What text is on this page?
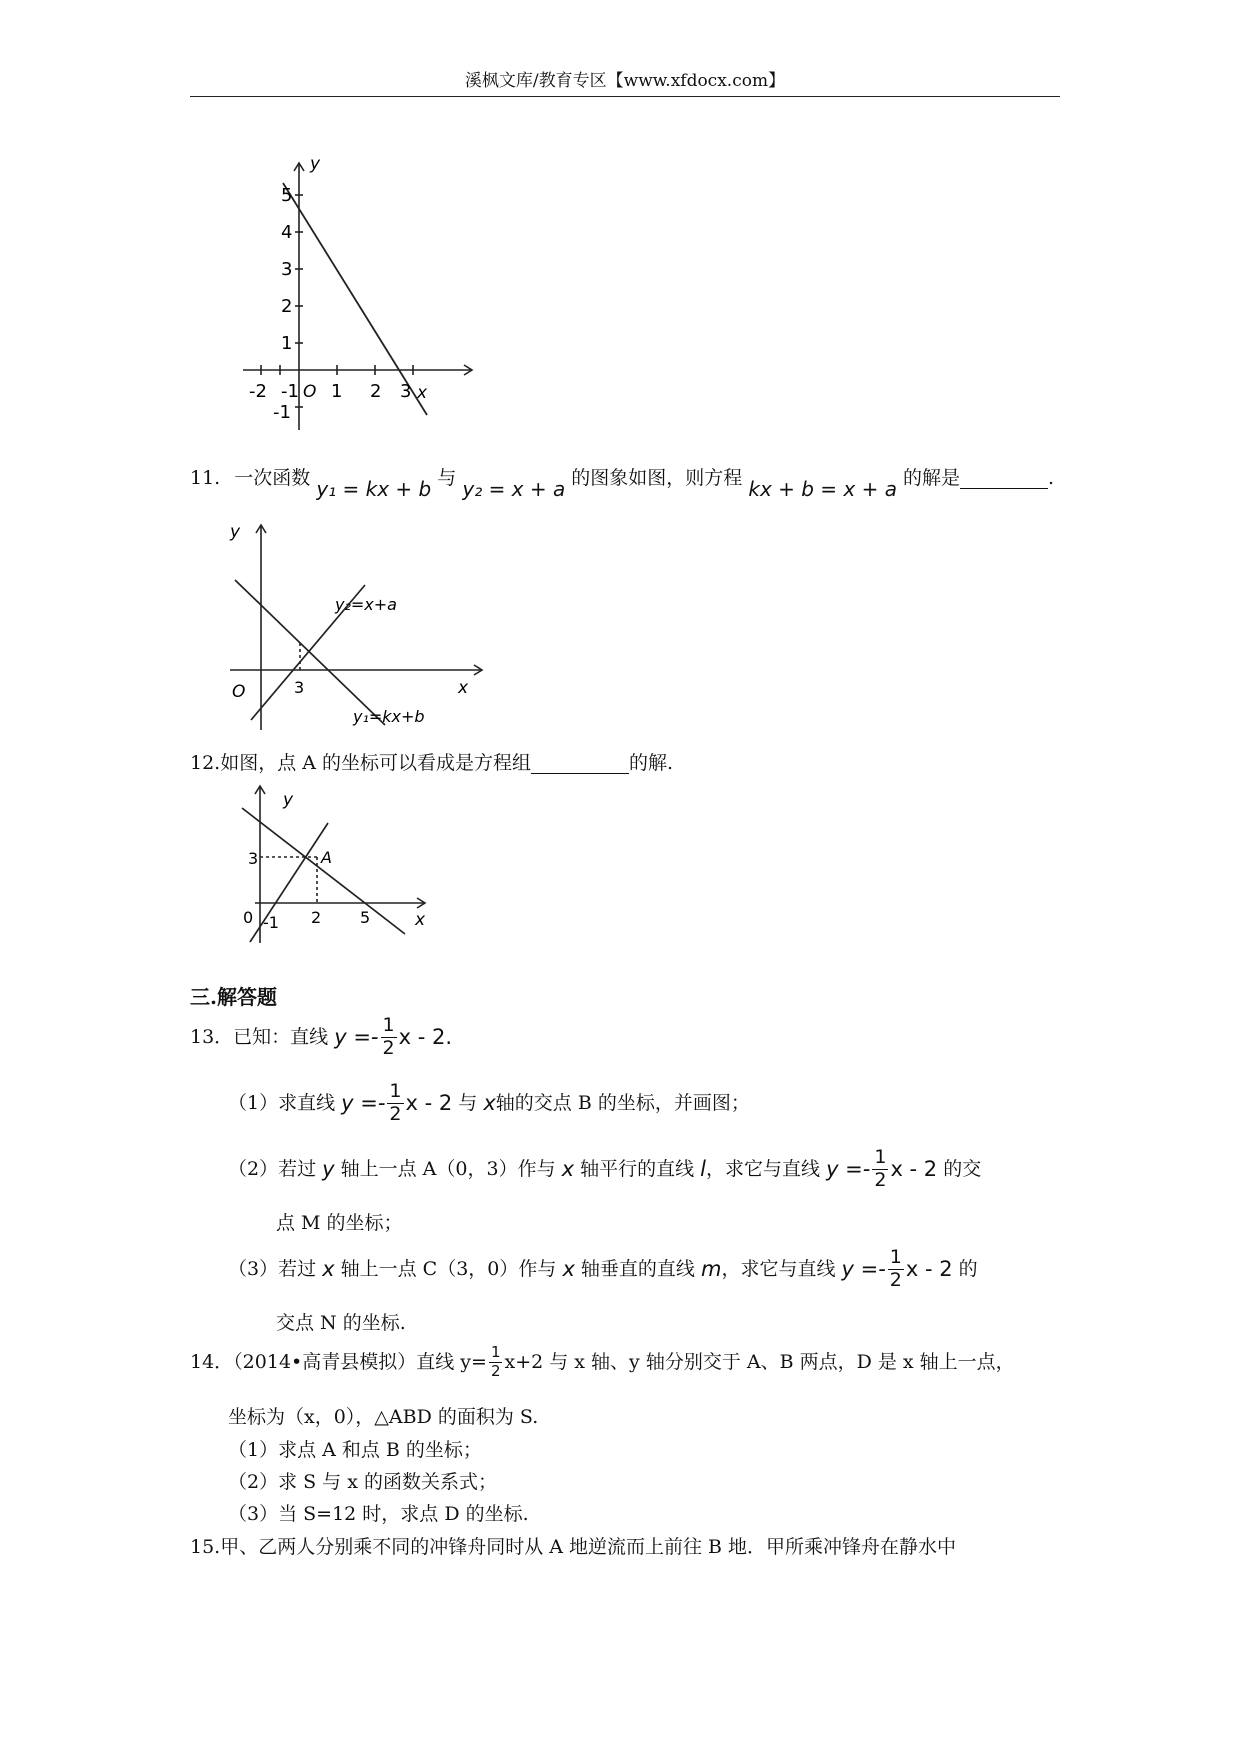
溪枫文库/教育专区【www.xfdocx.com】
y
x
O
5
4
3
2
1
-1
-2 -1 1 2 3
11. 一次函数 y₁ = kx + b 与 y₂ = x + a 的图象如图，则方程 kx + b = x + a 的解是	.
y
x
O	3
y₂=x+a
y₁=kx+b
12.如图，点 A 的坐标可以看成是方程组	的解.
y
x
A
3
0 -1 2 5
三.解答题
13．已知：直线 $y =- \frac{1}{2}$ x - 2.
（1）求直线 $y =- \frac{1}{2}$ x - 2 与 x轴的交点 B 的坐标，并画图；
（2）若过 y 轴上一点 A（0，3）作与 x 轴平行的直线 l，求它与直线 $y =- \frac{1}{2}$ x - 2 的交
点 M 的坐标；
（3）若过 x 轴上一点 C（3，0）作与 x 轴垂直的直线 m，求它与直线 $y =- \frac{1}{2}$ x - 2 的
交点 N 的坐标.
14．（2014•高青县模拟）直线 $y= \frac{1}{2} x+2$ 与 x 轴、y 轴分别交于 A、B 两点，D 是 x 轴上一点，
坐标为（x，0），△ABD 的面积为 S.
（1）求点 A 和点 B 的坐标；
（2）求 S 与 x 的函数关系式；
（3）当 S=12 时，求点 D 的坐标.
15.甲、乙两人分别乘不同的冲锋舟同时从 A 地逆流而上前往 B 地．甲所乘冲锋舟在静水中
